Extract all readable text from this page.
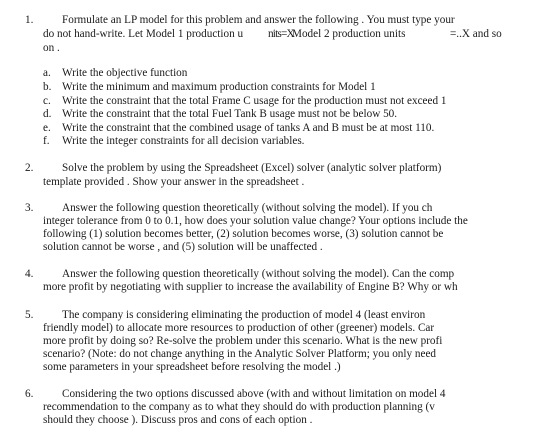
1.	Formulate an LP model for this problem and answer the following . You must type your
do not hand-write. Let Model 1 production u nits=X
Model 2 production units	=..X and so
on .
a. Write the objective function
b. Write the minimum and maximum production constraints for Model 1
c. Write the constraint that the total Frame C usage for the production must not exceed 1
d. Write the constraint that the total Fuel Tank B usage must not be below 50.
e. Write the constraint that the combined usage of tanks A and B must be at most 110.
f. Write the integer constraints for all decision variables.
2.	Solve the problem by using the Spreadsheet (Excel) solver (analytic solver platform)
template provided . Show your answer in the spreadsheet .
3.	Answer the following question theoretically (without solving the model). If you ch
integer tolerance from 0 to 0.1, how does your solution value change? Your options include the
following (1) solution becomes better, (2) solution becomes worse, (3) solution cannot be
solution cannot be worse , and (5) solution will be unaffected .
4.	Answer the following question theoretically (without solving the model). Can the comp
more profit by negotiating with supplier to increase the availability of Engine B? Why or wh
5.	The company is considering eliminating the production of model 4 (least environ
friendly model) to allocate more resources to production of other (greener) models. Car
more profit by doing so? Re-solve the problem under this scenario. What is the new profi
scenario? (Note: do not change anything in the Analytic Solver Platform; you only need
some parameters in your spreadsheet before resolving the model .)
6.	Considering the two options discussed above (with and without limitation on model 4
recommendation to the company as to what they should do with production planning (v
should they choose ). Discuss pros and cons of each option .
